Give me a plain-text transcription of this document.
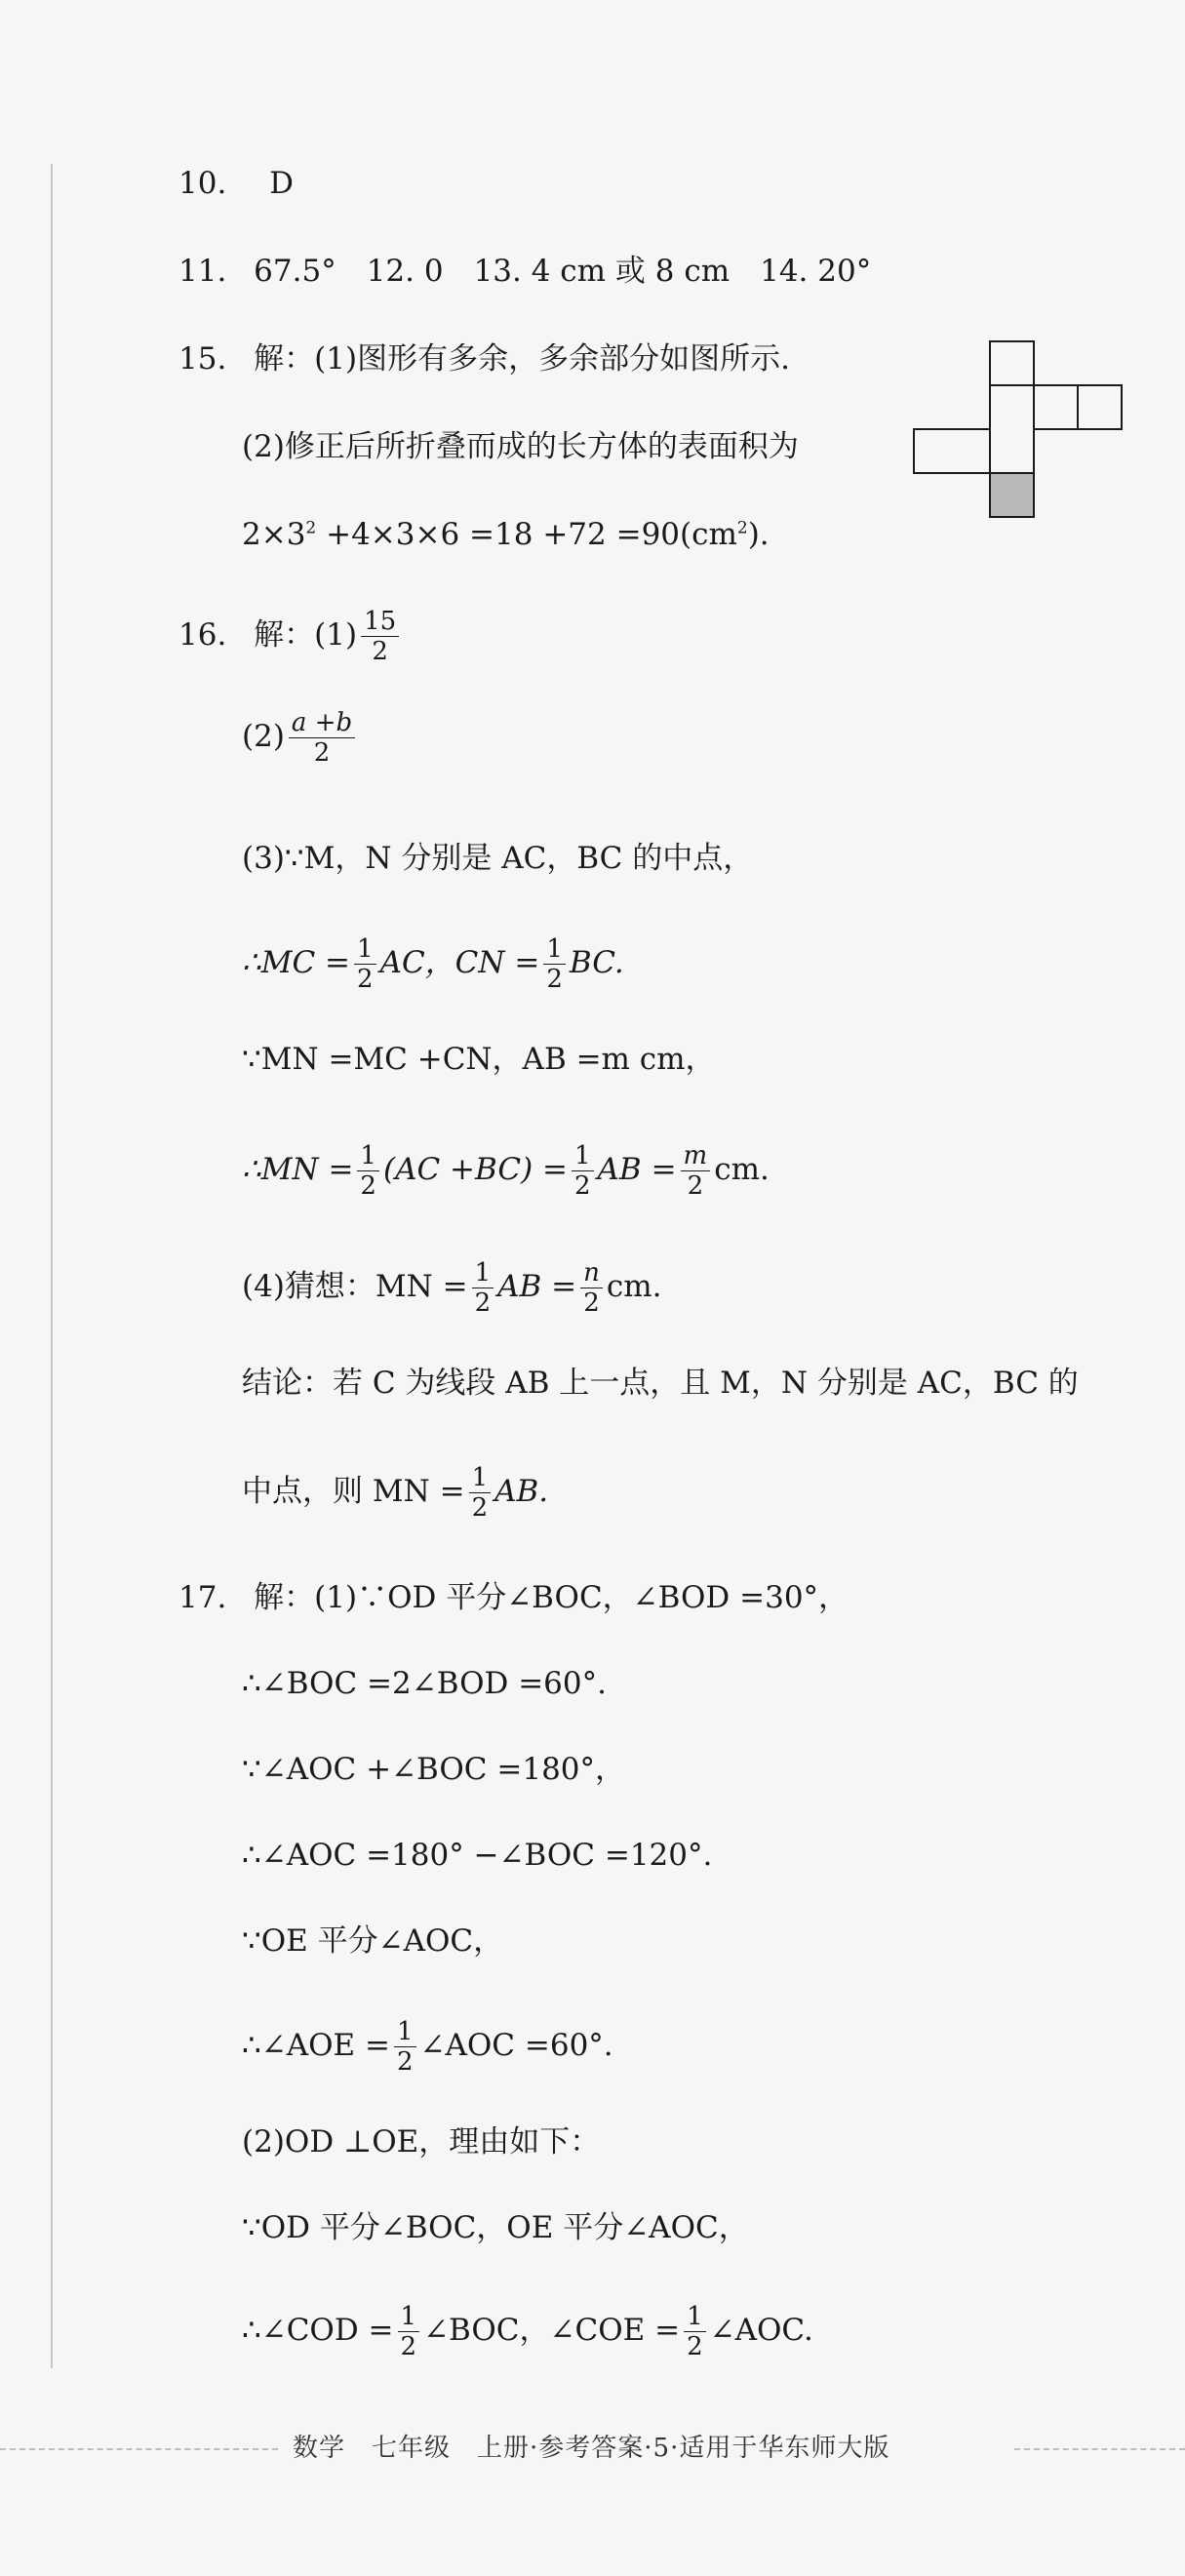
10. D
11. 67.5°　12. 0　13. 4 cm 或 8 cm　14. 20°
15. 解：(1)图形有多余，多余部分如图所示.
(2)修正后所折叠而成的长方体的表面积为
$2\times 3^2 +4\times 3\times 6 =18 +72 =90(cm^2)$.
16. 解：$(1) \frac{15}{2}$
$(2) \frac{a +b}{2}$
(3)∵M，N 分别是 AC，BC 的中点，
∴MC = $\frac{1}{2}$ AC，CN = $\frac{1}{2}$ BC.
∵MN =MC +CN，AB =m cm，
∴MN = $\frac{1}{2} (AC +BC) = \frac{1}{2}$ AB = $\frac{m}{2}$ cm.
(4)猜想：MN = $\frac{1}{2}$ AB = $\frac{n}{2}$ cm.
结论：若 C 为线段 AB 上一点，且 M，N 分别是 AC，BC 的
中点，则 MN = $\frac{1}{2}$ AB.
17. 解：(1)∵OD 平分∠BOC，∠BOD =30°，
∴∠BOC =2∠BOD =60°.
∵∠AOC +∠BOC =180°，
∴∠AOC =180° −∠BOC =120°.
∵OE 平分∠AOC，
∴∠AOE = $\frac{1}{2}$ ∠AOC =60°.
(2)OD ⊥OE，理由如下：
∵OD 平分∠BOC，OE 平分∠AOC，
∴∠COD = $\frac{1}{2}$ ∠BOC，∠COE = $\frac{1}{2}$ ∠AOC.
数学　七年级　上册·参考答案·5·适用于华东师大版
